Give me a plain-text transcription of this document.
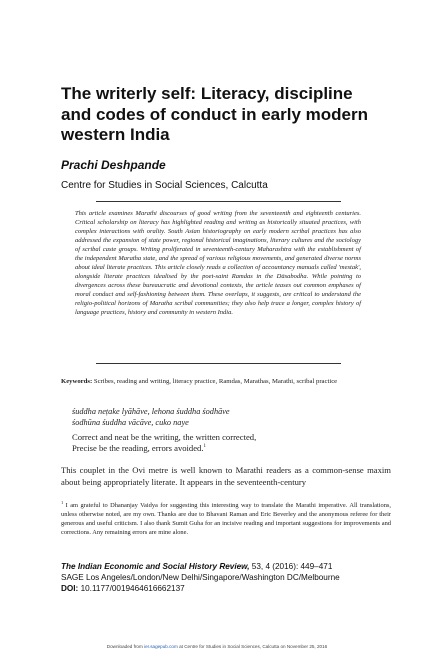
The writerly self: Literacy, discipline
and codes of conduct in early modern
western India
Prachi Deshpande
Centre for Studies in Social Sciences, Calcutta

This article examines Marathi discourses of good writing from the seventeenth and eighteenth centuries. Critical scholarship on literacy has highlighted reading and writing as historically situated practices, with complex interactions with orality. South Asian historiography on early modern scribal practices has also addressed the expansion of state power, regional historical imaginations, literary cultures and the sociology of scribal caste groups. Writing proliferated in seventeenth-century Maharashtra with the establishment of the independent Maratha state, and the spread of various religious movements, and generated diverse norms about ideal literate practices. This article closely reads a collection of accountancy manuals called 'mestak', alongside literate practices idealised by the poet-saint Ramdas in the Dāsabodha. While pointing to divergences across these bureaucratic and devotional contexts, the article teases out common emphases of moral conduct and self-fashioning between them. These overlaps, it suggests, are critical to understand the religio-political horizons of Maratha scribal communities; they also help trace a longer, complex history of language practices, history and community in western India.

Keywords: Scribes, reading and writing, literacy practice, Ramdas, Marathas, Marathi, scribal practice
śuddha neṭake lyāhāve, lehona śuddha śodhāve
śodhūna śuddha vācāve, cuko naye
Correct and neat be the writing, the written corrected,
Precise be the reading, errors avoided.$^1$

This couplet in the Ovi metre is well known to Marathi readers as a common-sense maxim about being appropriately literate. It appears in the seventeenth-century

$^1$ I am grateful to Dhananjay Vaidya for suggesting this interesting way to translate the Marathi imperative. All translations, unless otherwise noted, are my own. Thanks are due to Bhavani Raman and Eric Beverley and the anonymous referee for their generous and useful criticism. I also thank Sumit Guha for an incisive reading and important suggestions for improvements and corrections. Any remaining errors are mine alone.

The Indian Economic and Social History Review, 53, 4 (2016): 449–471
SAGE Los Angeles/London/New Delhi/Singapore/Washington DC/Melbourne
DOI: 10.1177/0019464616662137
Downloaded from ier.sagepub.com at Centre for Studies in Social Sciences, Calcutta on November 25, 2016
